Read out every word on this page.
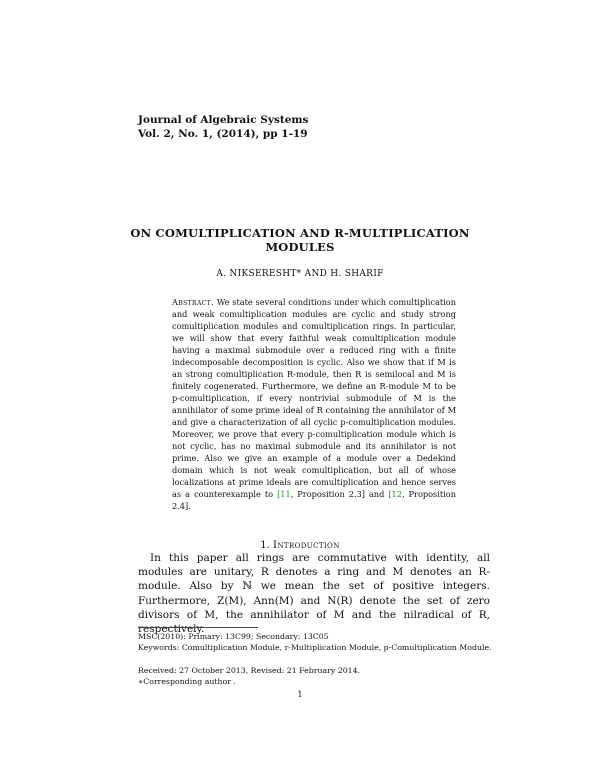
Journal of Algebraic Systems
Vol. 2, No. 1, (2014), pp 1-19
ON COMULTIPLICATION AND R-MULTIPLICATION MODULES
A. NIKSERESHT* AND H. SHARIF
Abstract. We state several conditions under which comultiplication and weak comultiplication modules are cyclic and study strong comultiplication modules and comultiplication rings. In particular, we will show that every faithful weak comultiplication module having a maximal submodule over a reduced ring with a finite indecomposable decomposition is cyclic. Also we show that if M is an strong comultiplication R-module, then R is semilocal and M is finitely cogenerated. Furthermore, we define an R-module M to be p-comultiplication, if every nontrivial submodule of M is the annihilator of some prime ideal of R containing the annihilator of M and give a characterization of all cyclic p-comultiplication modules. Moreover, we prove that every p-comultiplication module which is not cyclic, has no maximal submodule and its annihilator is not prime. Also we give an example of a module over a Dedekind domain which is not weak comultiplication, but all of whose localizations at prime ideals are comultiplication and hence serves as a counterexample to [11, Proposition 2.3] and [12, Proposition 2.4].
1. Introduction
In this paper all rings are commutative with identity, all modules are unitary, R denotes a ring and M denotes an R-module. Also by ℕ we mean the set of positive integers. Furthermore, Z(M), Ann(M) and N(R) denote the set of zero divisors of M, the annihilator of M and the nilradical of R, respectively.
MSC(2010): Primary: 13C99; Secondary: 13C05
Keywords: Comultiplication Module, r-Multiplication Module, p-Comultiplication Module.
Received: 27 October 2013, Revised: 21 February 2014.
∗Corresponding author .
1
